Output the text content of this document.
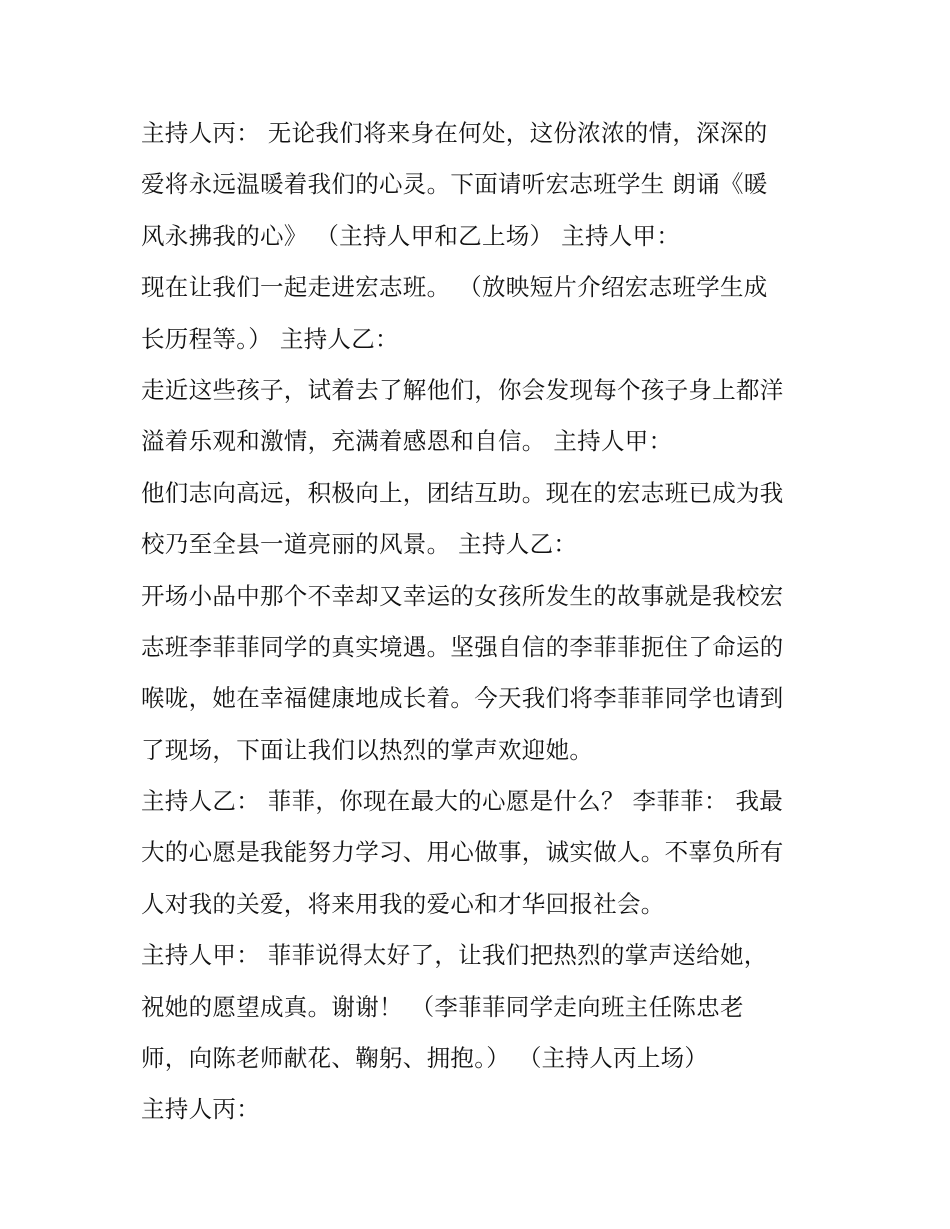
主持人丙： 无论我们将来身在何处，这份浓浓的情，深深的
爱将永远温暖着我们的心灵。下面请听宏志班学生 朗诵《暖
风永拂我的心》 （主持人甲和乙上场） 主持人甲：
现在让我们一起走进宏志班。 （放映短片介绍宏志班学生成
长历程等。） 主持人乙：
走近这些孩子，试着去了解他们，你会发现每个孩子身上都洋
溢着乐观和激情，充满着感恩和自信。 主持人甲：
他们志向高远，积极向上，团结互助。现在的宏志班已成为我
校乃至全县一道亮丽的风景。 主持人乙：
开场小品中那个不幸却又幸运的女孩所发生的故事就是我校宏
志班李菲菲同学的真实境遇。坚强自信的李菲菲扼住了命运的
喉咙，她在幸福健康地成长着。今天我们将李菲菲同学也请到
了现场，下面让我们以热烈的掌声欢迎她。
主持人乙： 菲菲，你现在最大的心愿是什么？ 李菲菲： 我最
大的心愿是我能努力学习、用心做事，诚实做人。不辜负所有
人对我的关爱，将来用我的爱心和才华回报社会。
主持人甲： 菲菲说得太好了，让我们把热烈的掌声送给她，
祝她的愿望成真。谢谢！ （李菲菲同学走向班主任陈忠老
师，向陈老师献花、鞠躬、拥抱。） （主持人丙上场）
主持人丙：
